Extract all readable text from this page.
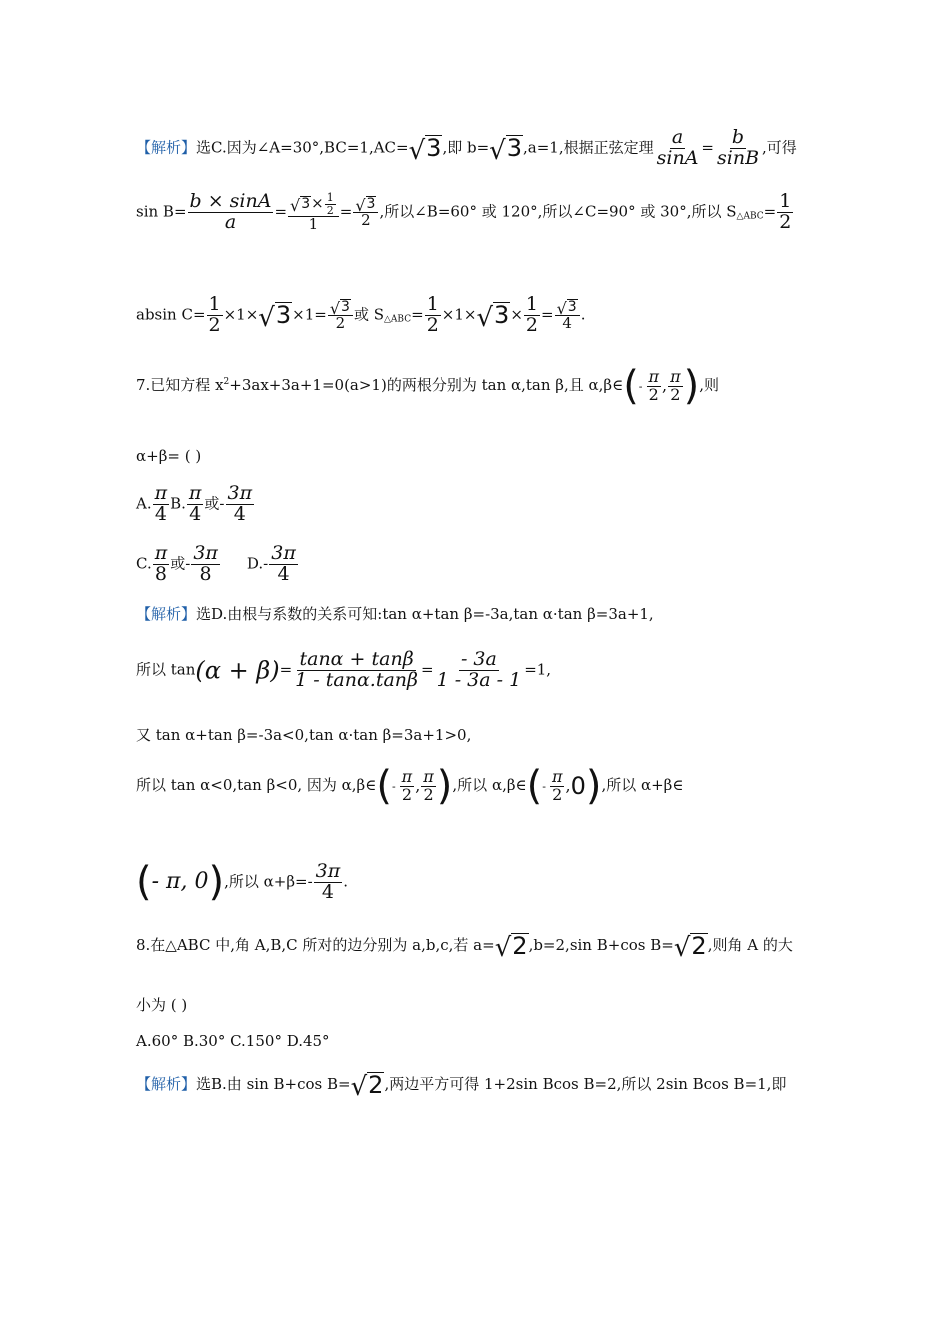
【解析】选C.因为∠A=30°,BC=1,AC= √ 3 ,即 b= √ 3 ,a=1,根据正弦定理 $\frac{a}{\sin A} = \frac{b}{\sin B}$ ,可得
$\sin B= \frac{b \times \sin A}{a} = \frac{√ 3 \times \frac{1}{2}}{1} = \frac{√ 3}{2}$ ,所以∠B=60° 或 120°,所以∠C=90° 或 30°,所以 $S_{\triangle ABC}= \frac{1}{2}$
absin $C= \frac{1}{2} \times 1\times$ √ $3 \times 1= \frac{√ 3}{2}$ 或 $S_{\triangle ABC}= \frac{1}{2} \times 1\times$ √ $3 \times \frac{1}{2} = \frac{√ 3}{4}$ .
7.已知方程 $x^2+3ax+3a+1=0(a>1)$的两根分别为 tan α,tan β,且 α,β∈ ( - $\frac{\pi}{2}$ , $\frac{\pi}{2}$ ) ,则
α+β= ( )
A. $\frac{\pi}{4} B$. $\frac{\pi}{4}$ 或- $\frac{3\pi}{4}$
C. $\frac{\pi}{8}$ 或- $\frac{3\pi}{8} D.- \frac{3\pi}{4}$
【解析】选D.由根与系数的关系可知:tan α+tan β=-3a,tan α·tan β=3a+1,
所以 $\tan(\alpha + \beta)= \frac{\tan\alpha + \tan\beta}{1 - \tan\alpha.\tan\beta} = \frac{- 3a}{1 - 3a - 1} =1$,
又 tan α+tan β=-3a<0,tan α·tan β=3a+1>0,
所以 tan α<0,tan β<0, 因为 α,β∈ ( - $\frac{\pi}{2}$ , $\frac{\pi}{2}$ ) ,所以 α,β∈ ( - $\frac{\pi}{2}$ , 0 ) ,所以 α+β∈
( - π, 0 ) ,所以 $\alpha+\beta=- \frac{3\pi}{4}$ .
8.在△ABC 中,角 A,B,C 所对的边分别为 a,b,c,若 a= √ 2 ,b=2,sin B+cos B= √ 2 ,则角 A 的大
小为 ( )
A.60° B.30° C.150° D.45°
【解析】选B.由 sin B+cos B= √ 2 ,两边平方可得 1+2sin Bcos B=2,所以 2sin Bcos B=1,即
